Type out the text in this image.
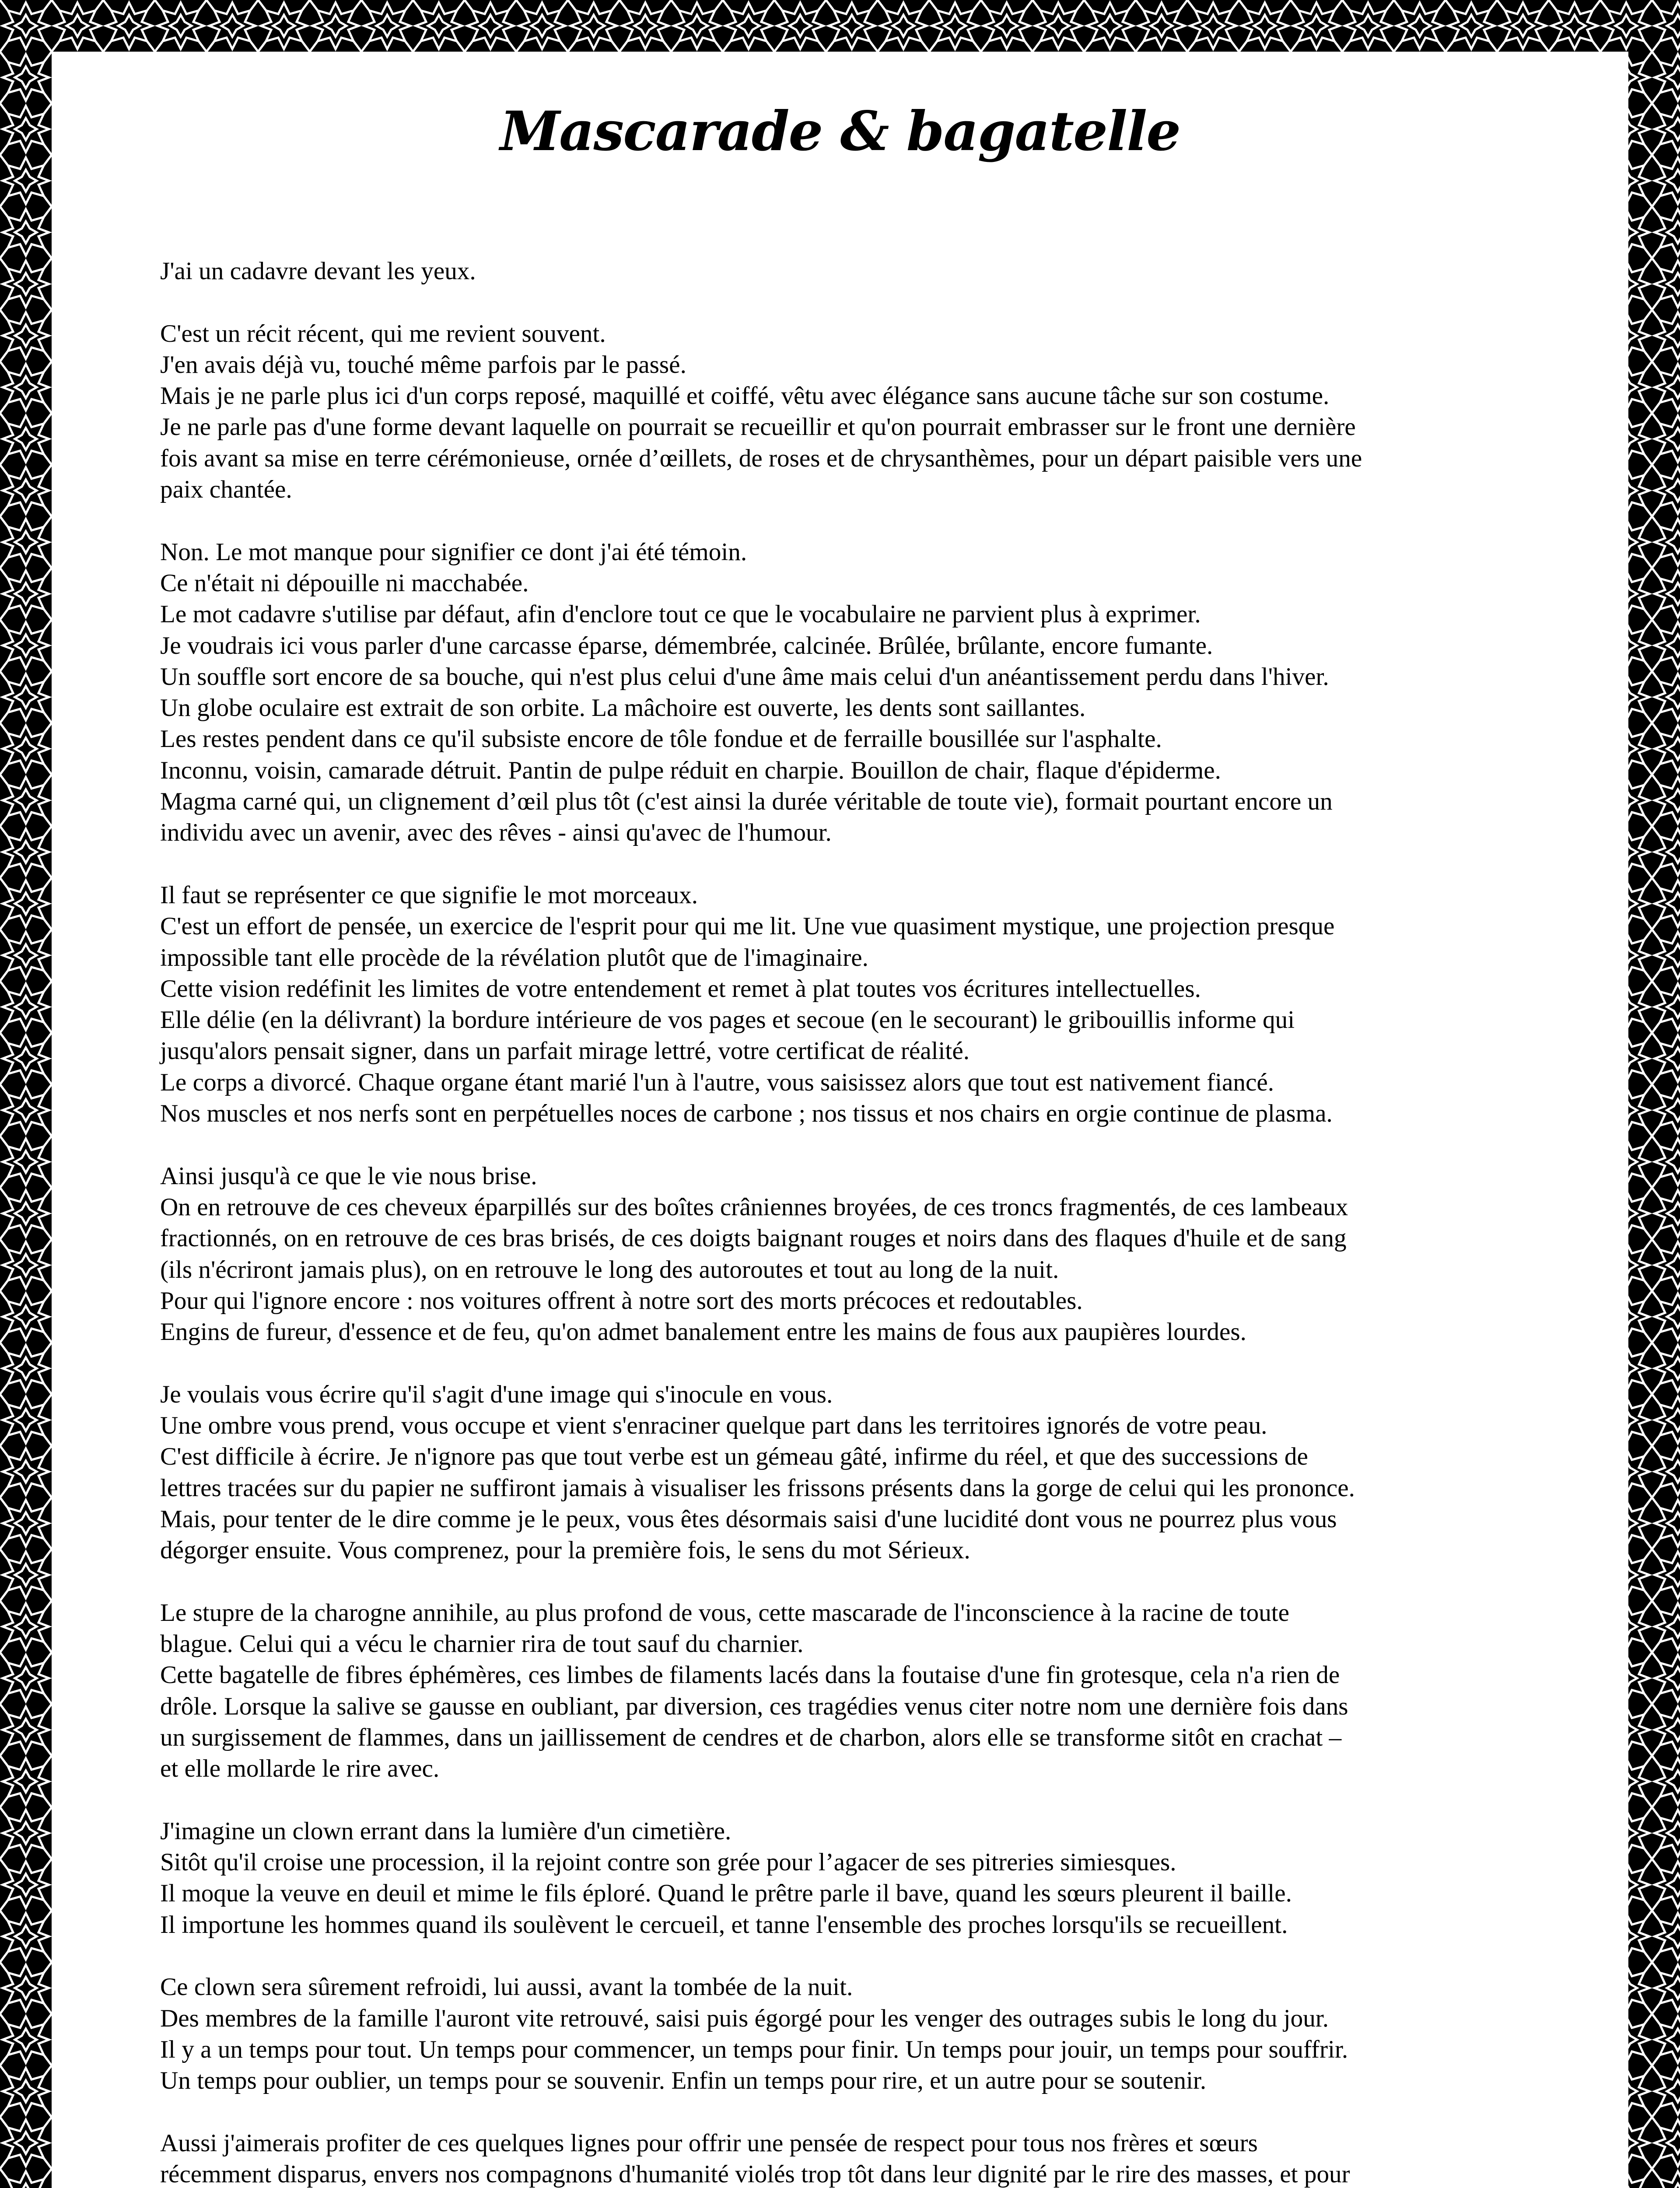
Mascarade & bagatelle
J'ai un cadavre devant les yeux.
C'est un récit récent, qui me revient souvent.
J'en avais déjà vu, touché même parfois par le passé.
Mais je ne parle plus ici d'un corps reposé, maquillé et coiffé, vêtu avec élégance sans aucune tâche sur son costume.
Je ne parle pas d'une forme devant laquelle on pourrait se recueillir et qu'on pourrait embrasser sur le front une dernière
fois avant sa mise en terre cérémonieuse, ornée d’œillets, de roses et de chrysanthèmes, pour un départ paisible vers une
paix chantée.
Non. Le mot manque pour signifier ce dont j'ai été témoin.
Ce n'était ni dépouille ni macchabée.
Le mot cadavre s'utilise par défaut, afin d'enclore tout ce que le vocabulaire ne parvient plus à exprimer.
Je voudrais ici vous parler d'une carcasse éparse, démembrée, calcinée. Brûlée, brûlante, encore fumante.
Un souffle sort encore de sa bouche, qui n'est plus celui d'une âme mais celui d'un anéantissement perdu dans l'hiver.
Un globe oculaire est extrait de son orbite. La mâchoire est ouverte, les dents sont saillantes.
Les restes pendent dans ce qu'il subsiste encore de tôle fondue et de ferraille bousillée sur l'asphalte.
Inconnu, voisin, camarade détruit. Pantin de pulpe réduit en charpie. Bouillon de chair, flaque d'épiderme.
Magma carné qui, un clignement d’œil plus tôt (c'est ainsi la durée véritable de toute vie), formait pourtant encore un
individu avec un avenir, avec des rêves - ainsi qu'avec de l'humour.
Il faut se représenter ce que signifie le mot morceaux.
C'est un effort de pensée, un exercice de l'esprit pour qui me lit. Une vue quasiment mystique, une projection presque
impossible tant elle procède de la révélation plutôt que de l'imaginaire.
Cette vision redéfinit les limites de votre entendement et remet à plat toutes vos écritures intellectuelles.
Elle délie (en la délivrant) la bordure intérieure de vos pages et secoue (en le secourant) le gribouillis informe qui
jusqu'alors pensait signer, dans un parfait mirage lettré, votre certificat de réalité.
Le corps a divorcé. Chaque organe étant marié l'un à l'autre, vous saisissez alors que tout est nativement fiancé.
Nos muscles et nos nerfs sont en perpétuelles noces de carbone ; nos tissus et nos chairs en orgie continue de plasma.
Ainsi jusqu'à ce que le vie nous brise.
On en retrouve de ces cheveux éparpillés sur des boîtes crâniennes broyées, de ces troncs fragmentés, de ces lambeaux
fractionnés, on en retrouve de ces bras brisés, de ces doigts baignant rouges et noirs dans des flaques d'huile et de sang
(ils n'écriront jamais plus), on en retrouve le long des autoroutes et tout au long de la nuit.
Pour qui l'ignore encore : nos voitures offrent à notre sort des morts précoces et redoutables.
Engins de fureur, d'essence et de feu, qu'on admet banalement entre les mains de fous aux paupières lourdes.
Je voulais vous écrire qu'il s'agit d'une image qui s'inocule en vous.
Une ombre vous prend, vous occupe et vient s'enraciner quelque part dans les territoires ignorés de votre peau.
C'est difficile à écrire. Je n'ignore pas que tout verbe est un gémeau gâté, infirme du réel, et que des successions de
lettres tracées sur du papier ne suffiront jamais à visualiser les frissons présents dans la gorge de celui qui les prononce.
Mais, pour tenter de le dire comme je le peux, vous êtes désormais saisi d'une lucidité dont vous ne pourrez plus vous
dégorger ensuite. Vous comprenez, pour la première fois, le sens du mot Sérieux.
Le stupre de la charogne annihile, au plus profond de vous, cette mascarade de l'inconscience à la racine de toute
blague. Celui qui a vécu le charnier rira de tout sauf du charnier.
Cette bagatelle de fibres éphémères, ces limbes de filaments lacés dans la foutaise d'une fin grotesque, cela n'a rien de
drôle. Lorsque la salive se gausse en oubliant, par diversion, ces tragédies venus citer notre nom une dernière fois dans
un surgissement de flammes, dans un jaillissement de cendres et de charbon, alors elle se transforme sitôt en crachat –
et elle mollarde le rire avec.
J'imagine un clown errant dans la lumière d'un cimetière.
Sitôt qu'il croise une procession, il la rejoint contre son grée pour l’agacer de ses pitreries simiesques.
Il moque la veuve en deuil et mime le fils éploré. Quand le prêtre parle il bave, quand les sœurs pleurent il baille.
Il importune les hommes quand ils soulèvent le cercueil, et tanne l'ensemble des proches lorsqu'ils se recueillent.
Ce clown sera sûrement refroidi, lui aussi, avant la tombée de la nuit.
Des membres de la famille l'auront vite retrouvé, saisi puis égorgé pour les venger des outrages subis le long du jour.
Il y a un temps pour tout. Un temps pour commencer, un temps pour finir. Un temps pour jouir, un temps pour souffrir.
Un temps pour oublier, un temps pour se souvenir. Enfin un temps pour rire, et un autre pour se soutenir.
Aussi j'aimerais profiter de ces quelques lignes pour offrir une pensée de respect pour tous nos frères et sœurs
récemment disparus, envers nos compagnons d'humanité violés trop tôt dans leur dignité par le rire des masses, et pour
